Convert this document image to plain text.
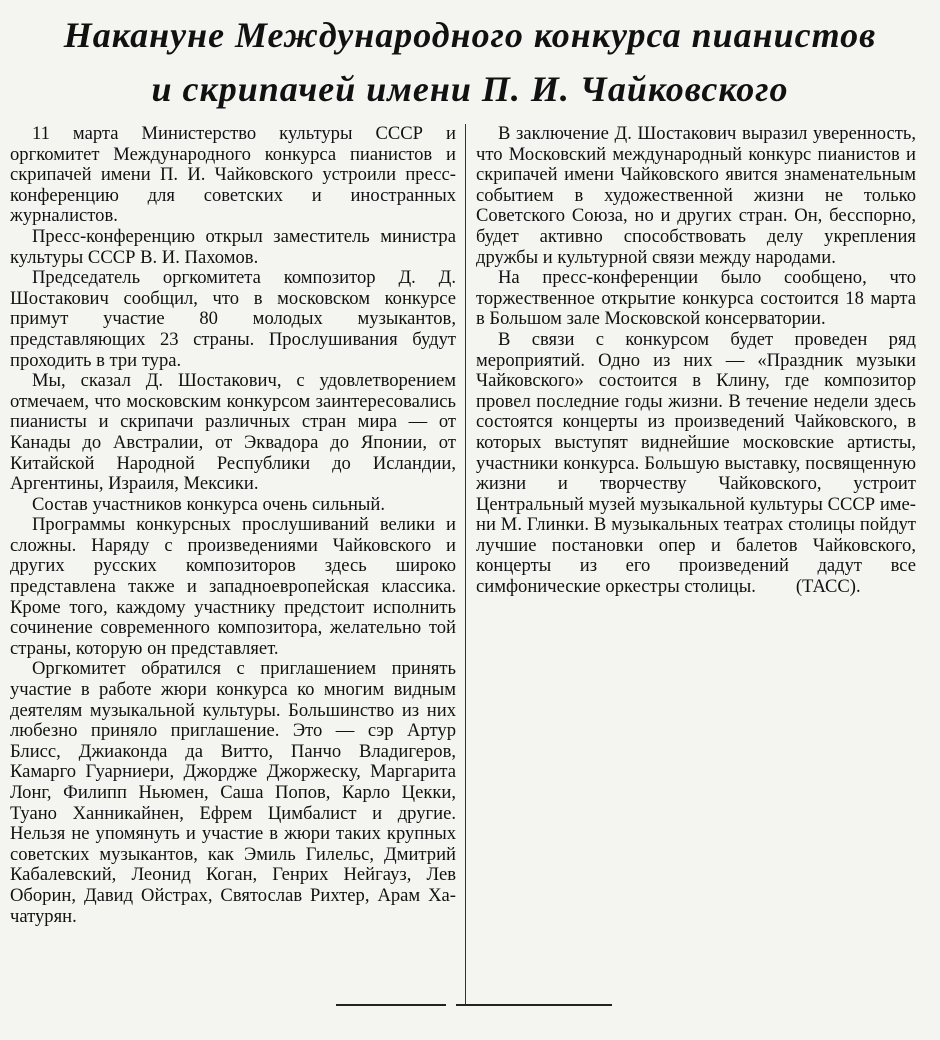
Накануне Международного конкурса пианистов
и скрипачей имени П. И. Чайковского

11 марта Министерство культуры СССР и оргкомитет Международного конкурса пианистов и скрипачей имени П. И. Чайковского устроили пресс-конференцию для советских и иностранных журналистов.

Пресс-конференцию открыл заместитель министра культуры СССР В. И. Пахомов.

Председатель оргкомитета композитор Д. Д. Шостакович сообщил, что в московском конкурсе примут участие 80 молодых музыкантов, представляющих 23 страны. Прослушивания будут проходить в три тура.

Мы, сказал Д. Шостакович, с удовлетворением отмечаем, что московским конкурсом заинтересовались пианисты и скрипачи различных стран мира — от Канады до Австралии, от Эквадора до Японии, от Китайской Народной Республики до Исландии, Аргентины, Израиля, Мексики.

Состав участников конкурса очень сильный.

Программы конкурсных прослушиваний велики и сложны. Наряду с произведениями Чайковского и других русских композиторов здесь широко представлена также и западноевропейская классика. Кроме того, каждому участнику предстоит исполнить сочинение современного композитора, желательно той страны, которую он представляет.

Оргкомитет обратился с приглашением принять участие в работе жюри конкурса ко многим видным деятелям музыкальной культуры. Большинство из них любезно приняло приглашение. Это — сэр Артур Блисс, Джиаконда да Витто, Панчо Владигеров, Камарго Гуарниери, Джордже Джоржеску, Маргарита Лонг, Филипп Ньюмен, Саша Попов, Карло Цекки, Туано Ханникайнен, Ефрем Цимбалист и другие. Нельзя не упомянуть и участие в жюри таких крупных советских музыкантов, как Эмиль Гилельс, Дмитрий Кабалевский, Леонид Коган, Генрих Нейгауз, Лев Оборин, Давид Ойстрах, Святослав Рихтер, Арам Хачатурян.

В заключение Д. Шостакович выразил уверенность, что Московский международный конкурс пианистов и скрипачей имени Чайковского явится знаменательным событием в художественной жизни не только Советского Союза, но и других стран. Он, бесспорно, будет активно способствовать делу укрепления дружбы и культурной связи между народами.

На пресс-конференции было сообщено, что торжественное открытие конкурса состоится 18 марта в Большом зале Московской консерватории.

В связи с конкурсом будет проведен ряд мероприятий. Одно из них — «Праздник музыки Чайковского» состоится в Клину, где композитор провел последние годы жизни. В течение недели здесь состоятся концерты из произведений Чайковского, в которых выступят виднейшие московские артисты, участники конкурса. Большую выставку, посвященную жизни и творчеству Чайковского, устроит Центральный музей музыкальной культуры СССР имени М. Глинки. В музыкальных театрах столицы пойдут лучшие постановки опер и балетов Чайковского, концерты из его произведений дадут все симфонические оркестры столицы. (ТАСС).
